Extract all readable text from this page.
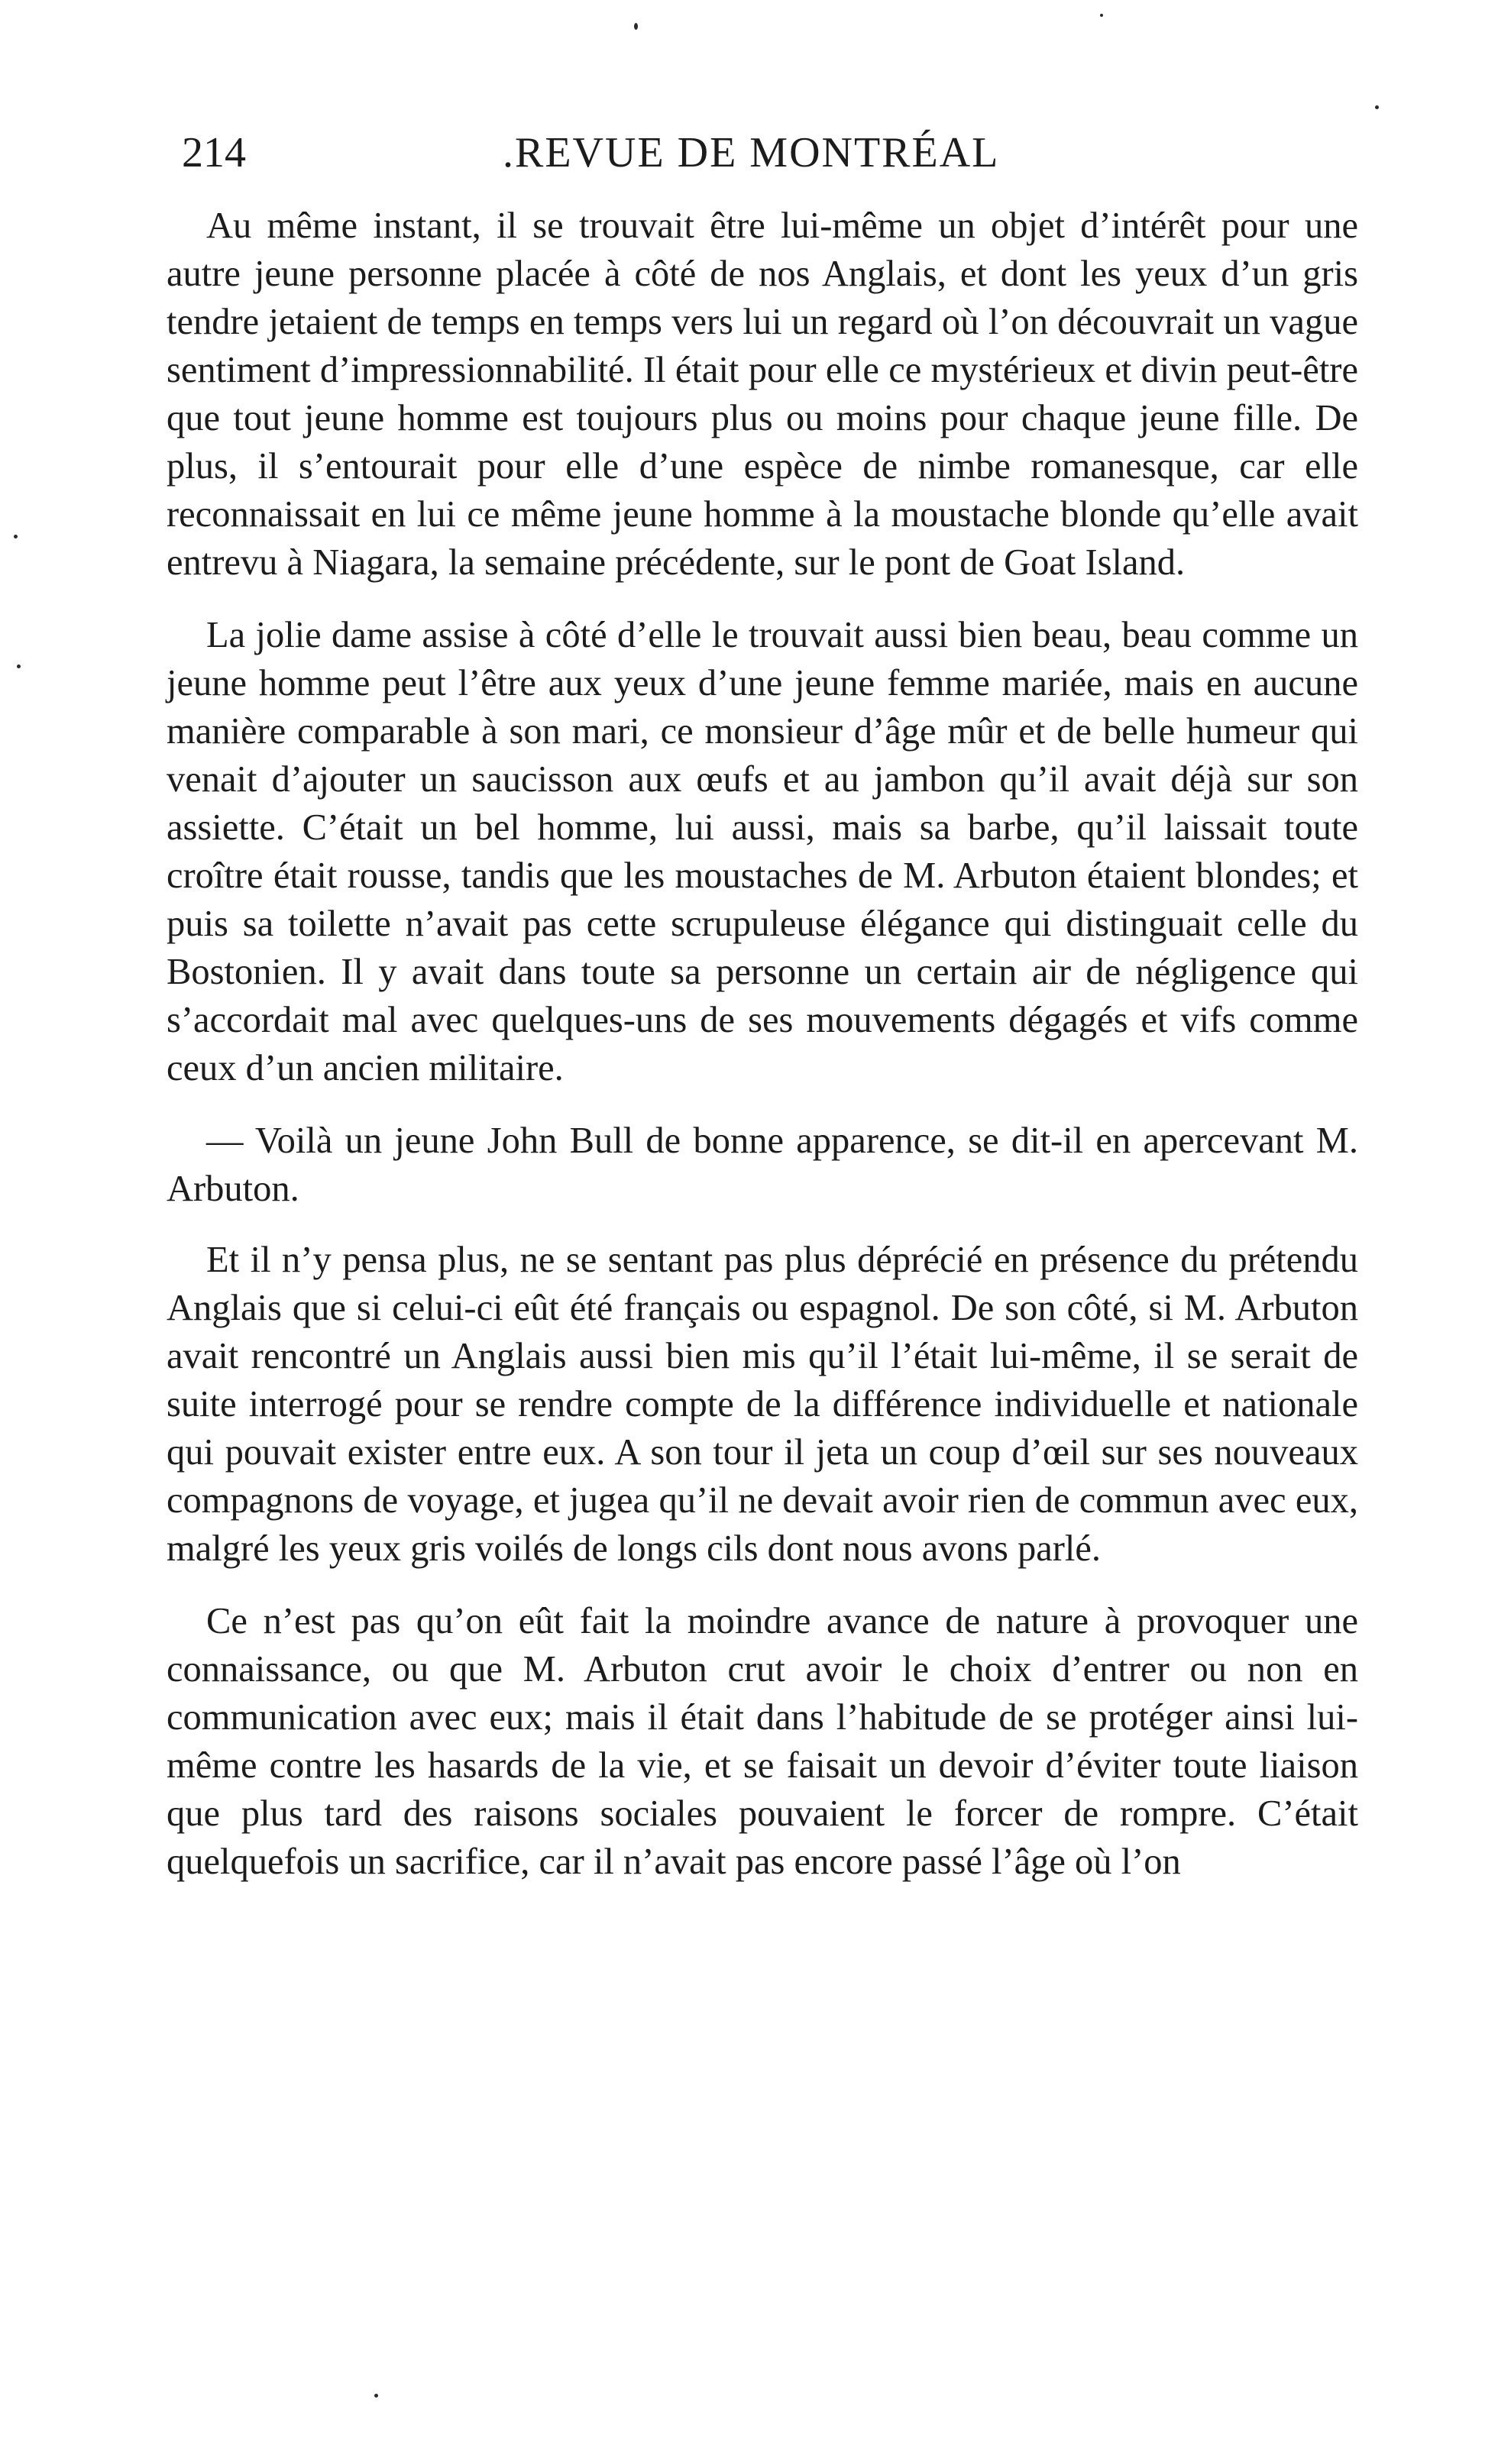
214	.REVUE DE MONTRÉAL

Au même instant, il se trouvait être lui-même un objet d’intérêt pour une autre jeune personne placée à côté de nos Anglais, et dont les yeux d’un gris tendre jetaient de temps en temps vers lui un regard où l’on découvrait un vague sentiment d’impressionnabilité. Il était pour elle ce mystérieux et divin peut-être que tout jeune homme est toujours plus ou moins pour chaque jeune fille. De plus, il s’entourait pour elle d’une espèce de nimbe romanesque, car elle reconnaissait en lui ce même jeune homme à la moustache blonde qu’elle avait entrevu à Niagara, la semaine précédente, sur le pont de Goat Island.

La jolie dame assise à côté d’elle le trouvait aussi bien beau, beau comme un jeune homme peut l’être aux yeux d’une jeune femme mariée, mais en aucune manière comparable à son mari, ce monsieur d’âge mûr et de belle humeur qui venait d’ajouter un saucisson aux œufs et au jambon qu’il avait déjà sur son assiette. C’était un bel homme, lui aussi, mais sa barbe, qu’il laissait toute croître était rousse, tandis que les moustaches de M. Arbuton étaient blondes; et puis sa toilette n’avait pas cette scrupuleuse élégance qui distinguait celle du Bostonien. Il y avait dans toute sa personne un certain air de négligence qui s’accordait mal avec quelques-uns de ses mouvements dégagés et vifs comme ceux d’un ancien militaire.

— Voilà un jeune John Bull de bonne apparence, se dit-il en apercevant M. Arbuton.

Et il n’y pensa plus, ne se sentant pas plus déprécié en présence du prétendu Anglais que si celui-ci eût été français ou espagnol. De son côté, si M. Arbuton avait rencontré un Anglais aussi bien mis qu’il l’était lui-même, il se serait de suite interrogé pour se rendre compte de la différence individuelle et nationale qui pouvait exister entre eux. A son tour il jeta un coup d’œil sur ses nouveaux compagnons de voyage, et jugea qu’il ne devait avoir rien de commun avec eux, malgré les yeux gris voilés de longs cils dont nous avons parlé.

Ce n’est pas qu’on eût fait la moindre avance de nature à provoquer une connaissance, ou que M. Arbuton crut avoir le choix d’entrer ou non en communication avec eux; mais il était dans l’habitude de se protéger ainsi lui-même contre les hasards de la vie, et se faisait un devoir d’éviter toute liaison que plus tard des raisons sociales pouvaient le forcer de rompre. C’était quelquefois un sacrifice, car il n’avait pas encore passé l’âge où l’on
